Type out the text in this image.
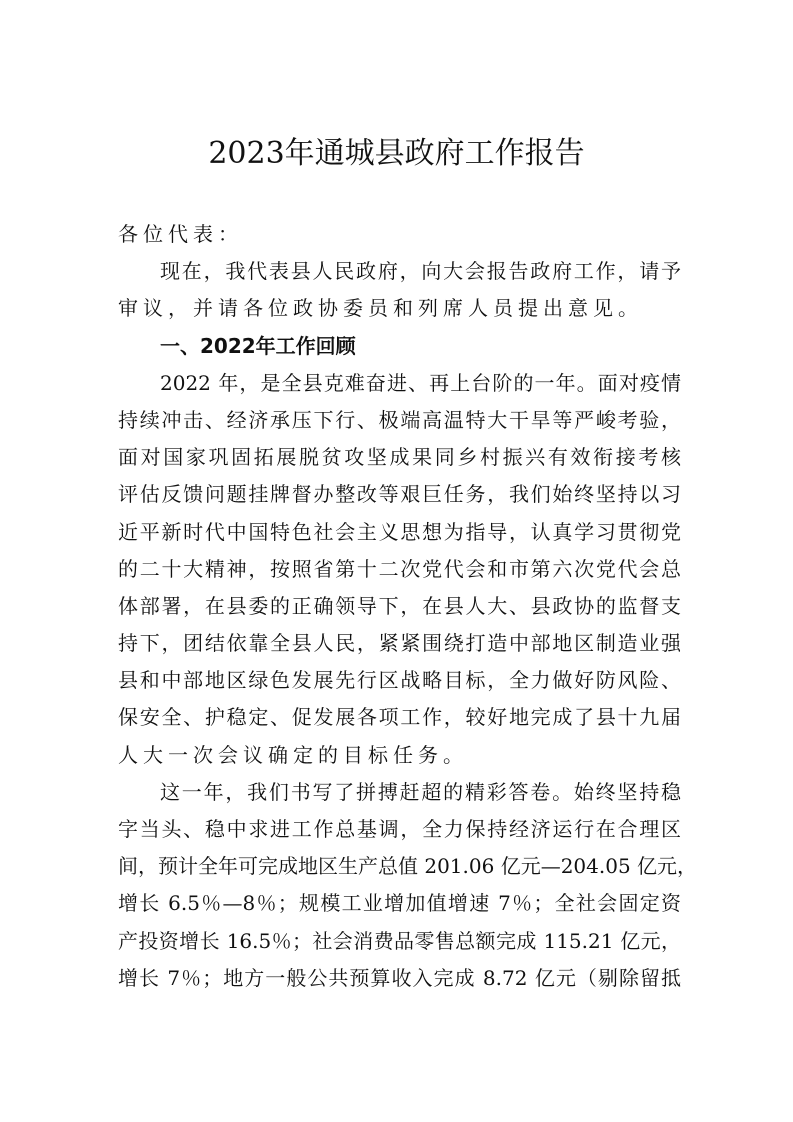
2023年通城县政府工作报告
各位代表：
现在，我代表县人民政府，向大会报告政府工作，请予
审议，并请各位政协委员和列席人员提出意见。
一、2022年工作回顾
2022 年，是全县克难奋进、再上台阶的一年。面对疫情
持续冲击、经济承压下行、极端高温特大干旱等严峻考验，
面对国家巩固拓展脱贫攻坚成果同乡村振兴有效衔接考核
评估反馈问题挂牌督办整改等艰巨任务，我们始终坚持以习
近平新时代中国特色社会主义思想为指导，认真学习贯彻党
的二十大精神，按照省第十二次党代会和市第六次党代会总
体部署，在县委的正确领导下，在县人大、县政协的监督支
持下，团结依靠全县人民，紧紧围绕打造中部地区制造业强
县和中部地区绿色发展先行区战略目标，全力做好防风险、
保安全、护稳定、促发展各项工作，较好地完成了县十九届
人大一次会议确定的目标任务。
这一年，我们书写了拼搏赶超的精彩答卷。始终坚持稳
字当头、稳中求进工作总基调，全力保持经济运行在合理区
间，预计全年可完成地区生产总值 201.06 亿元—204.05 亿元，
增长 6.5％—8％；规模工业增加值增速 7％；全社会固定资
产投资增长 16.5％；社会消费品零售总额完成 115.21 亿元，
增长 7％；地方一般公共预算收入完成 8.72 亿元（剔除留抵
